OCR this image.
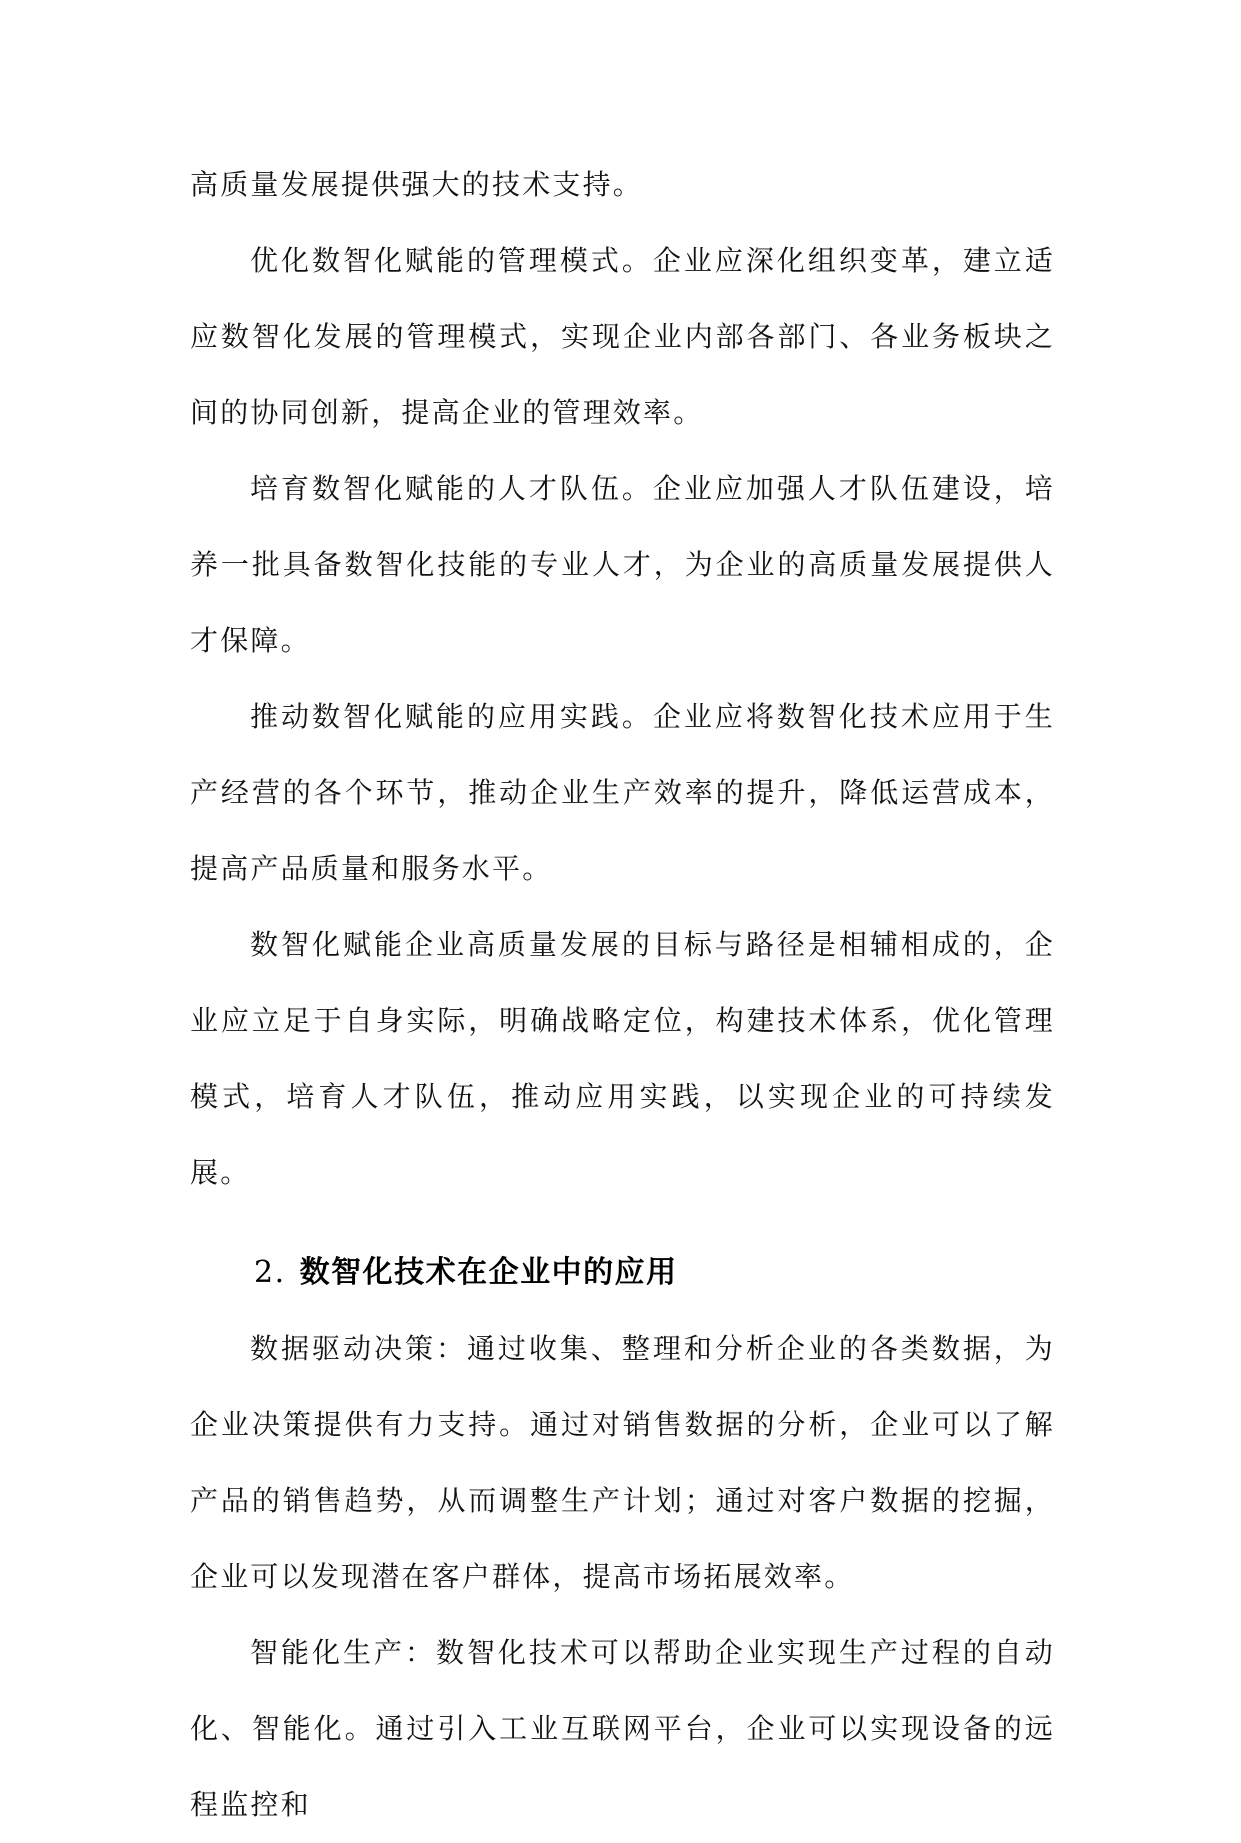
高质量发展提供强大的技术支持。

优化数智化赋能的管理模式。企业应深化组织变革，建立适应数智化发展的管理模式，实现企业内部各部门、各业务板块之间的协同创新，提高企业的管理效率。

培育数智化赋能的人才队伍。企业应加强人才队伍建设，培养一批具备数智化技能的专业人才，为企业的高质量发展提供人才保障。

推动数智化赋能的应用实践。企业应将数智化技术应用于生产经营的各个环节，推动企业生产效率的提升，降低运营成本，提高产品质量和服务水平。

数智化赋能企业高质量发展的目标与路径是相辅相成的，企业应立足于自身实际，明确战略定位，构建技术体系，优化管理模式，培育人才队伍，推动应用实践，以实现企业的可持续发展。

2. 数智化技术在企业中的应用

数据驱动决策：通过收集、整理和分析企业的各类数据，为企业决策提供有力支持。通过对销售数据的分析，企业可以了解产品的销售趋势，从而调整生产计划；通过对客户数据的挖掘，企业可以发现潜在客户群体，提高市场拓展效率。

智能化生产：数智化技术可以帮助企业实现生产过程的自动化、智能化。通过引入工业互联网平台，企业可以实现设备的远程监控和
